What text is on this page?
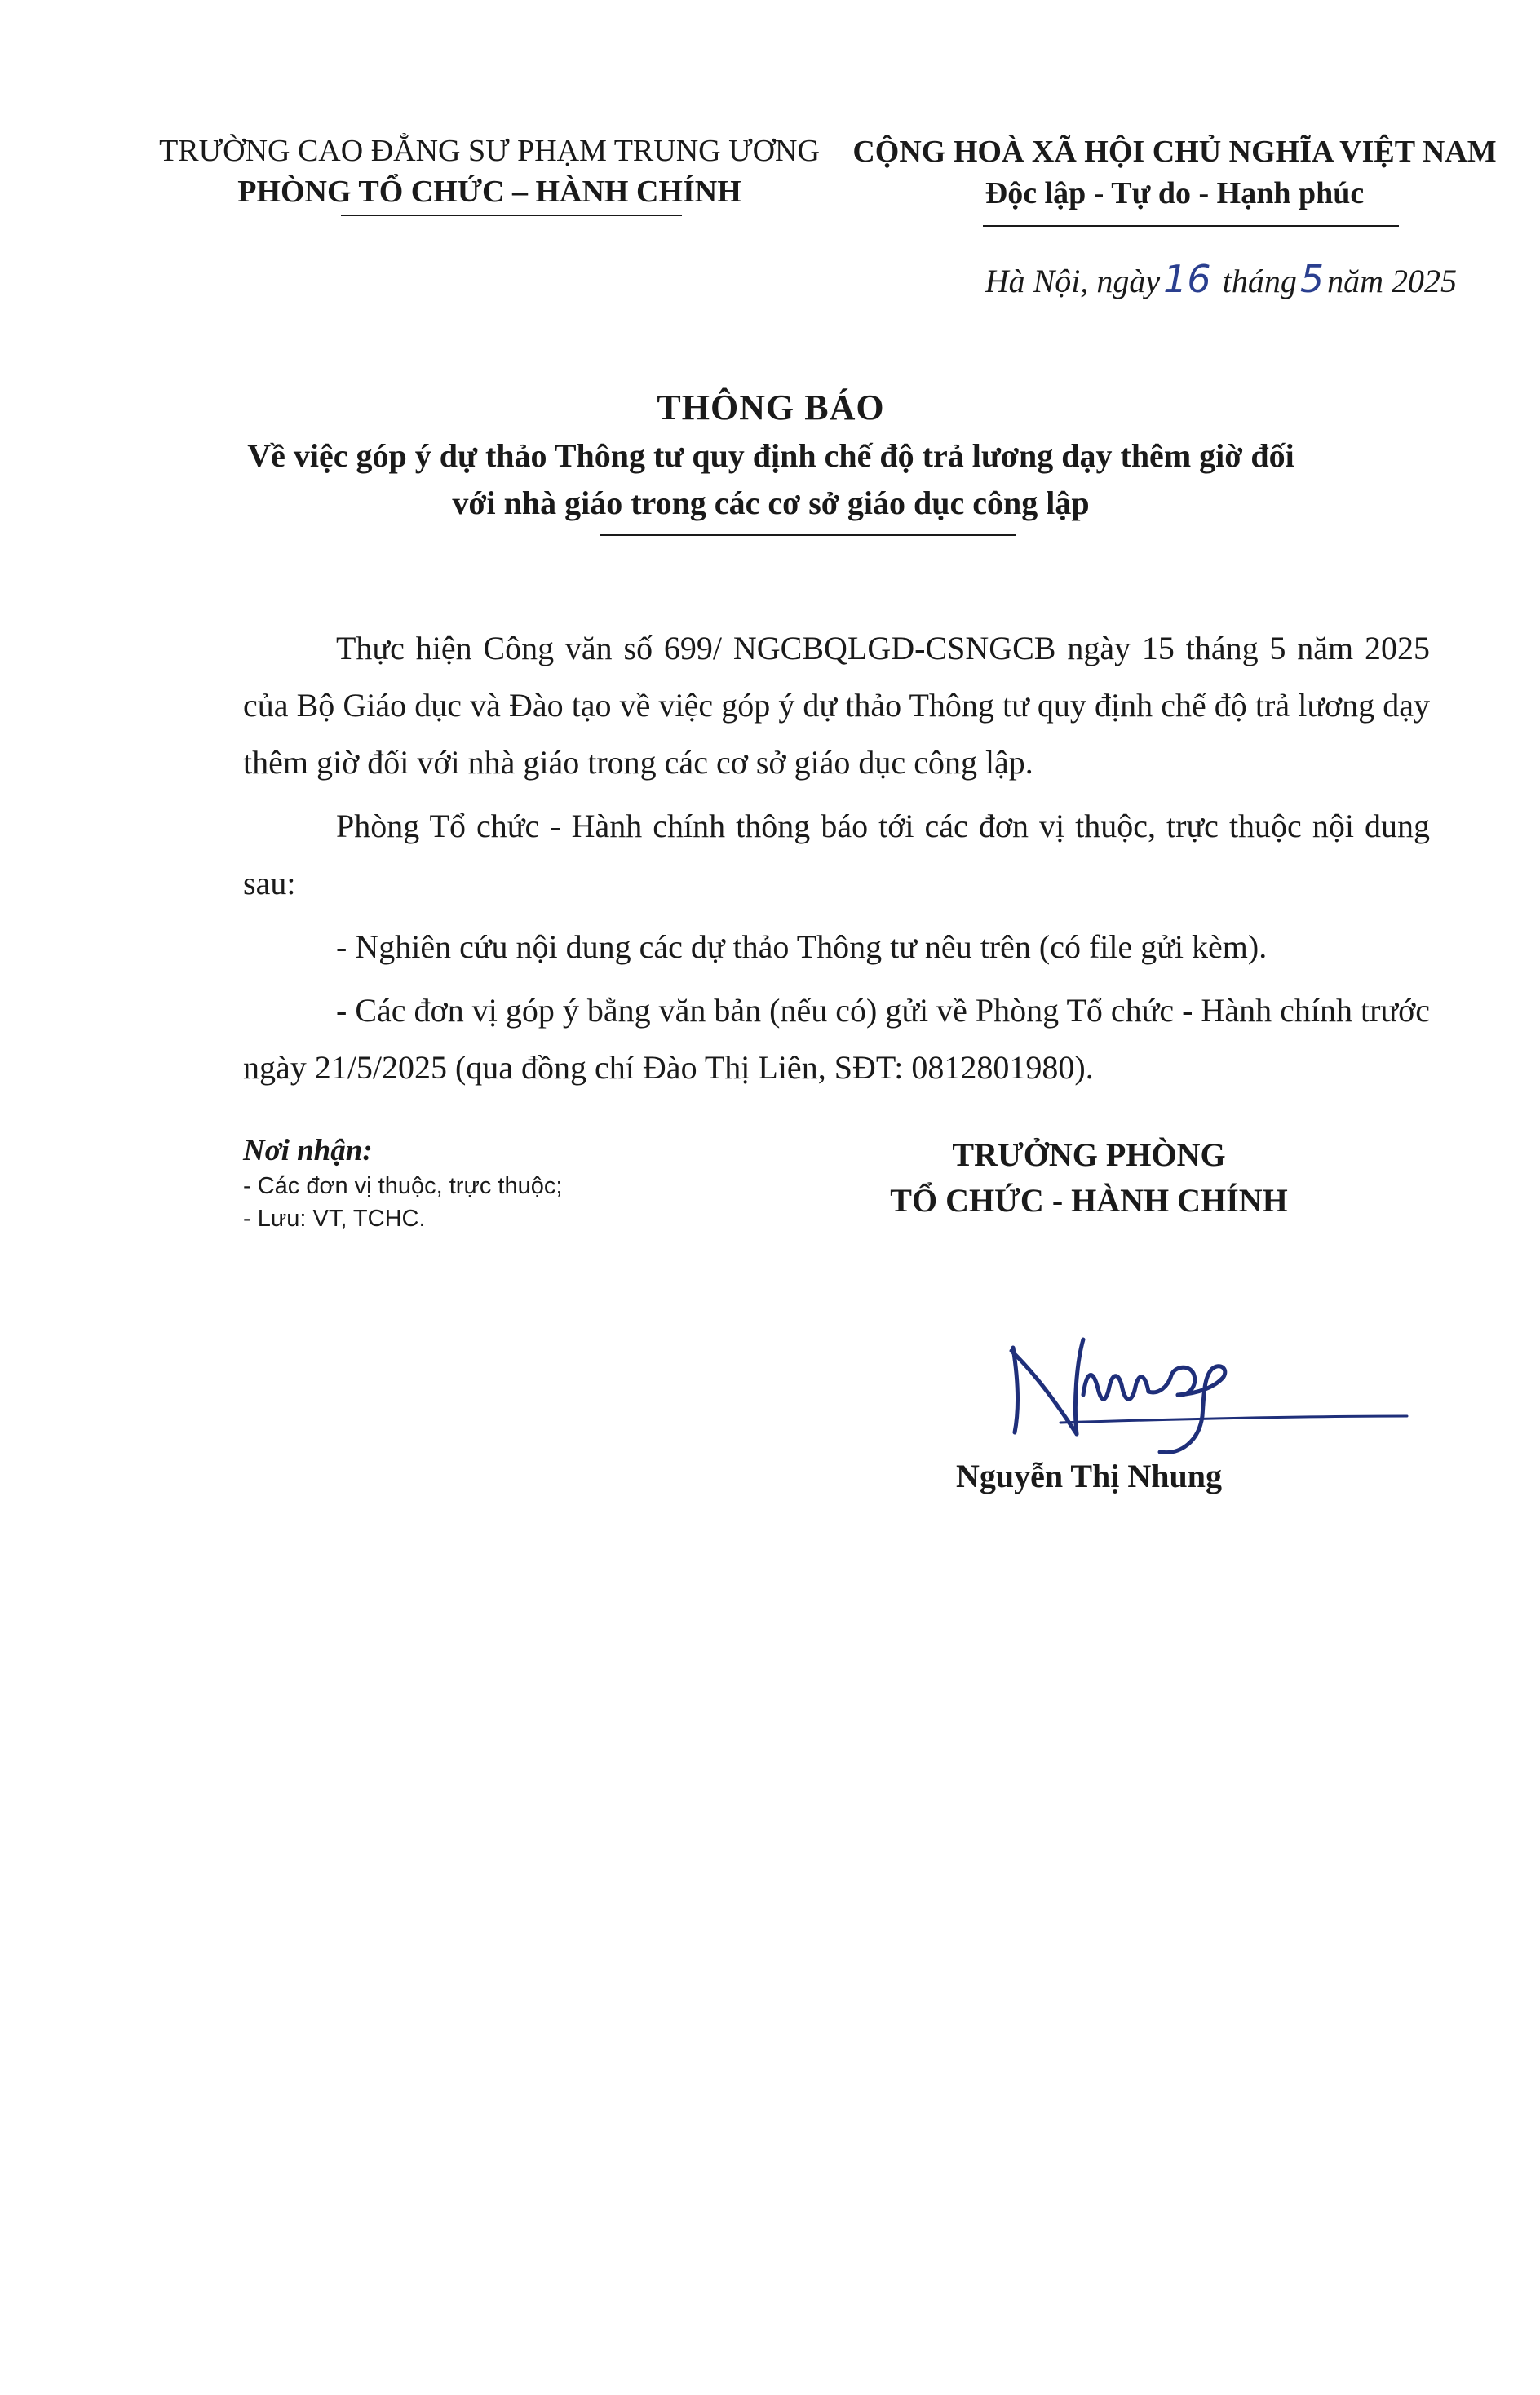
TRƯỜNG CAO ĐẲNG SƯ PHẠM TRUNG ƯƠNG
PHÒNG TỔ CHỨC – HÀNH CHÍNH
CỘNG HOÀ XÃ HỘI CHỦ NGHĨA VIỆT NAM
Độc lập - Tự do - Hạnh phúc
Hà Nội, ngày16 tháng5 năm 2025
THÔNG BÁO
Về việc góp ý dự thảo Thông tư quy định chế độ trả lương dạy thêm giờ đối
với nhà giáo trong các cơ sở giáo dục công lập

Thực hiện Công văn số 699/ NGCBQLGD-CSNGCB ngày 15 tháng 5 năm 2025 của Bộ Giáo dục và Đào tạo về việc góp ý dự thảo Thông tư quy định chế độ trả lương dạy thêm giờ đối với nhà giáo trong các cơ sở giáo dục công lập.

Phòng Tổ chức - Hành chính thông báo tới các đơn vị thuộc, trực thuộc nội dung sau:

- Nghiên cứu nội dung các dự thảo Thông tư nêu trên (có file gửi kèm).

- Các đơn vị góp ý bằng văn bản (nếu có) gửi về Phòng Tổ chức - Hành chính trước ngày 21/5/2025 (qua đồng chí Đào Thị Liên, SĐT: 0812801980).

Nơi nhận:
- Các đơn vị thuộc, trực thuộc;
- Lưu: VT, TCHC.
TRƯỞNG PHÒNG
TỔ CHỨC - HÀNH CHÍNH
Nguyễn Thị Nhung
